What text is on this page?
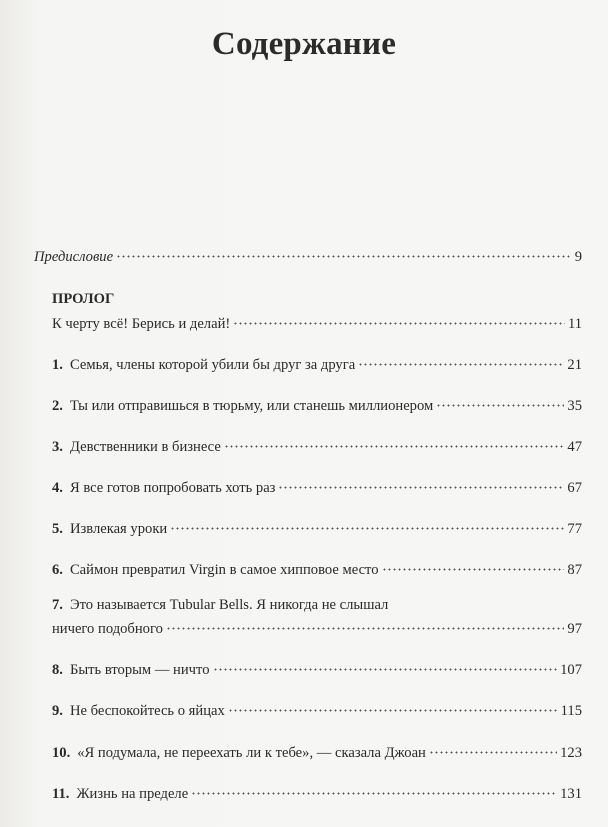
Содержание
Предисловие	9
ПРОЛОГ
К черту всё! Берись и делай!	11
1. Семья, члены которой убили бы друг за друга	21
2. Ты или отправишься в тюрьму, или станешь миллионером	35
3. Девственники в бизнесе	47
4. Я все готов попробовать хоть раз	67
5. Извлекая уроки	77
6. Саймон превратил Virgin в самое хипповое место	87
7. Это называется Tubular Bells. Я никогда не слышал
ничего подобного	97
8. Быть вторым — ничто	107
9. Не беспокойтесь о яйцах	115
10. «Я подумала, не переехать ли к тебе», — сказала Джоан	123
11. Жизнь на пределе	131
